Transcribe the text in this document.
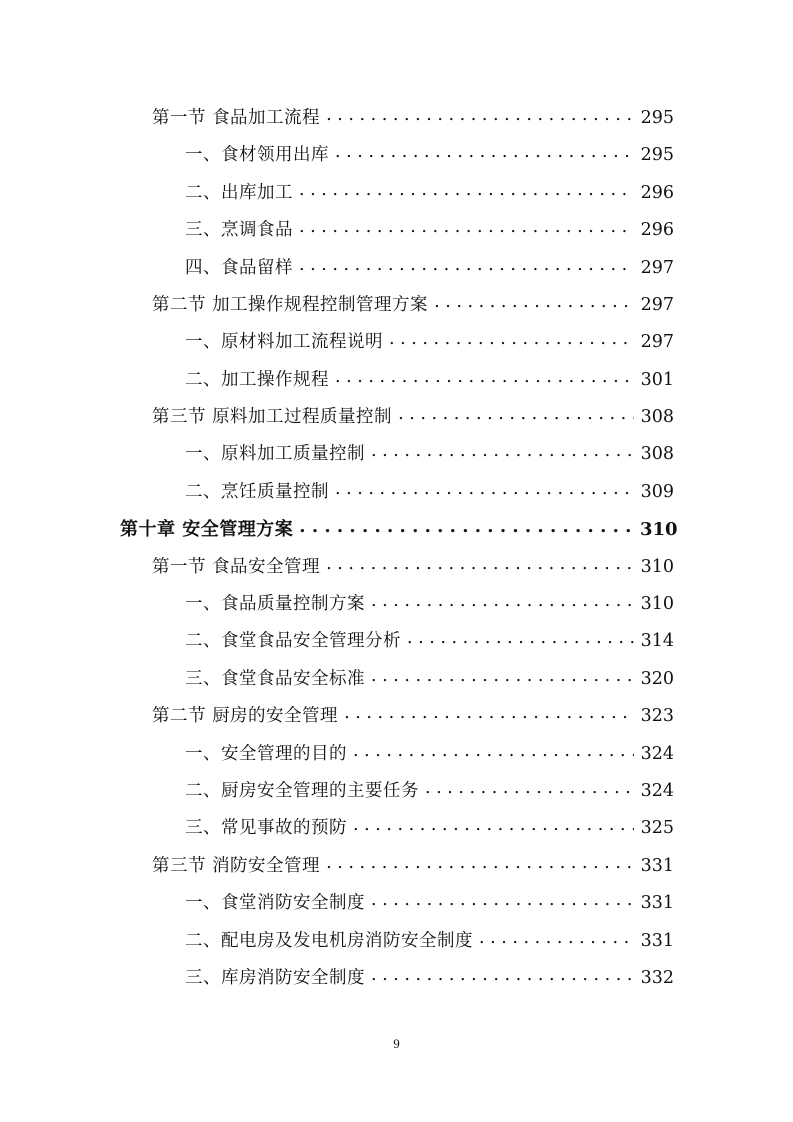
第一节 食品加工流程 . . .	295
一、食材领用出库 . . .	295
二、出库加工 . . .	296
三、烹调食品 . . .	296
四、食品留样 . . .	297
第二节 加工操作规程控制管理方案 . . .	297
一、原材料加工流程说明 . . .	297
二、加工操作规程 . . .	301
第三节 原料加工过程质量控制 . . .	308
一、原料加工质量控制 . . .	308
二、烹饪质量控制 . . .	309
第十章 安全管理方案 . . .	310
第一节 食品安全管理 . . .	310
一、食品质量控制方案 . . .	310
二、食堂食品安全管理分析 . . .	314
三、食堂食品安全标准 . . .	320
第二节 厨房的安全管理 . . .	323
一、安全管理的目的 . . .	324
二、厨房安全管理的主要任务 . . .	324
三、常见事故的预防 . . .	325
第三节 消防安全管理 . . .	331
一、食堂消防安全制度 . . .	331
二、配电房及发电机房消防安全制度 . . .	331
三、库房消防安全制度 . . .	332
9
